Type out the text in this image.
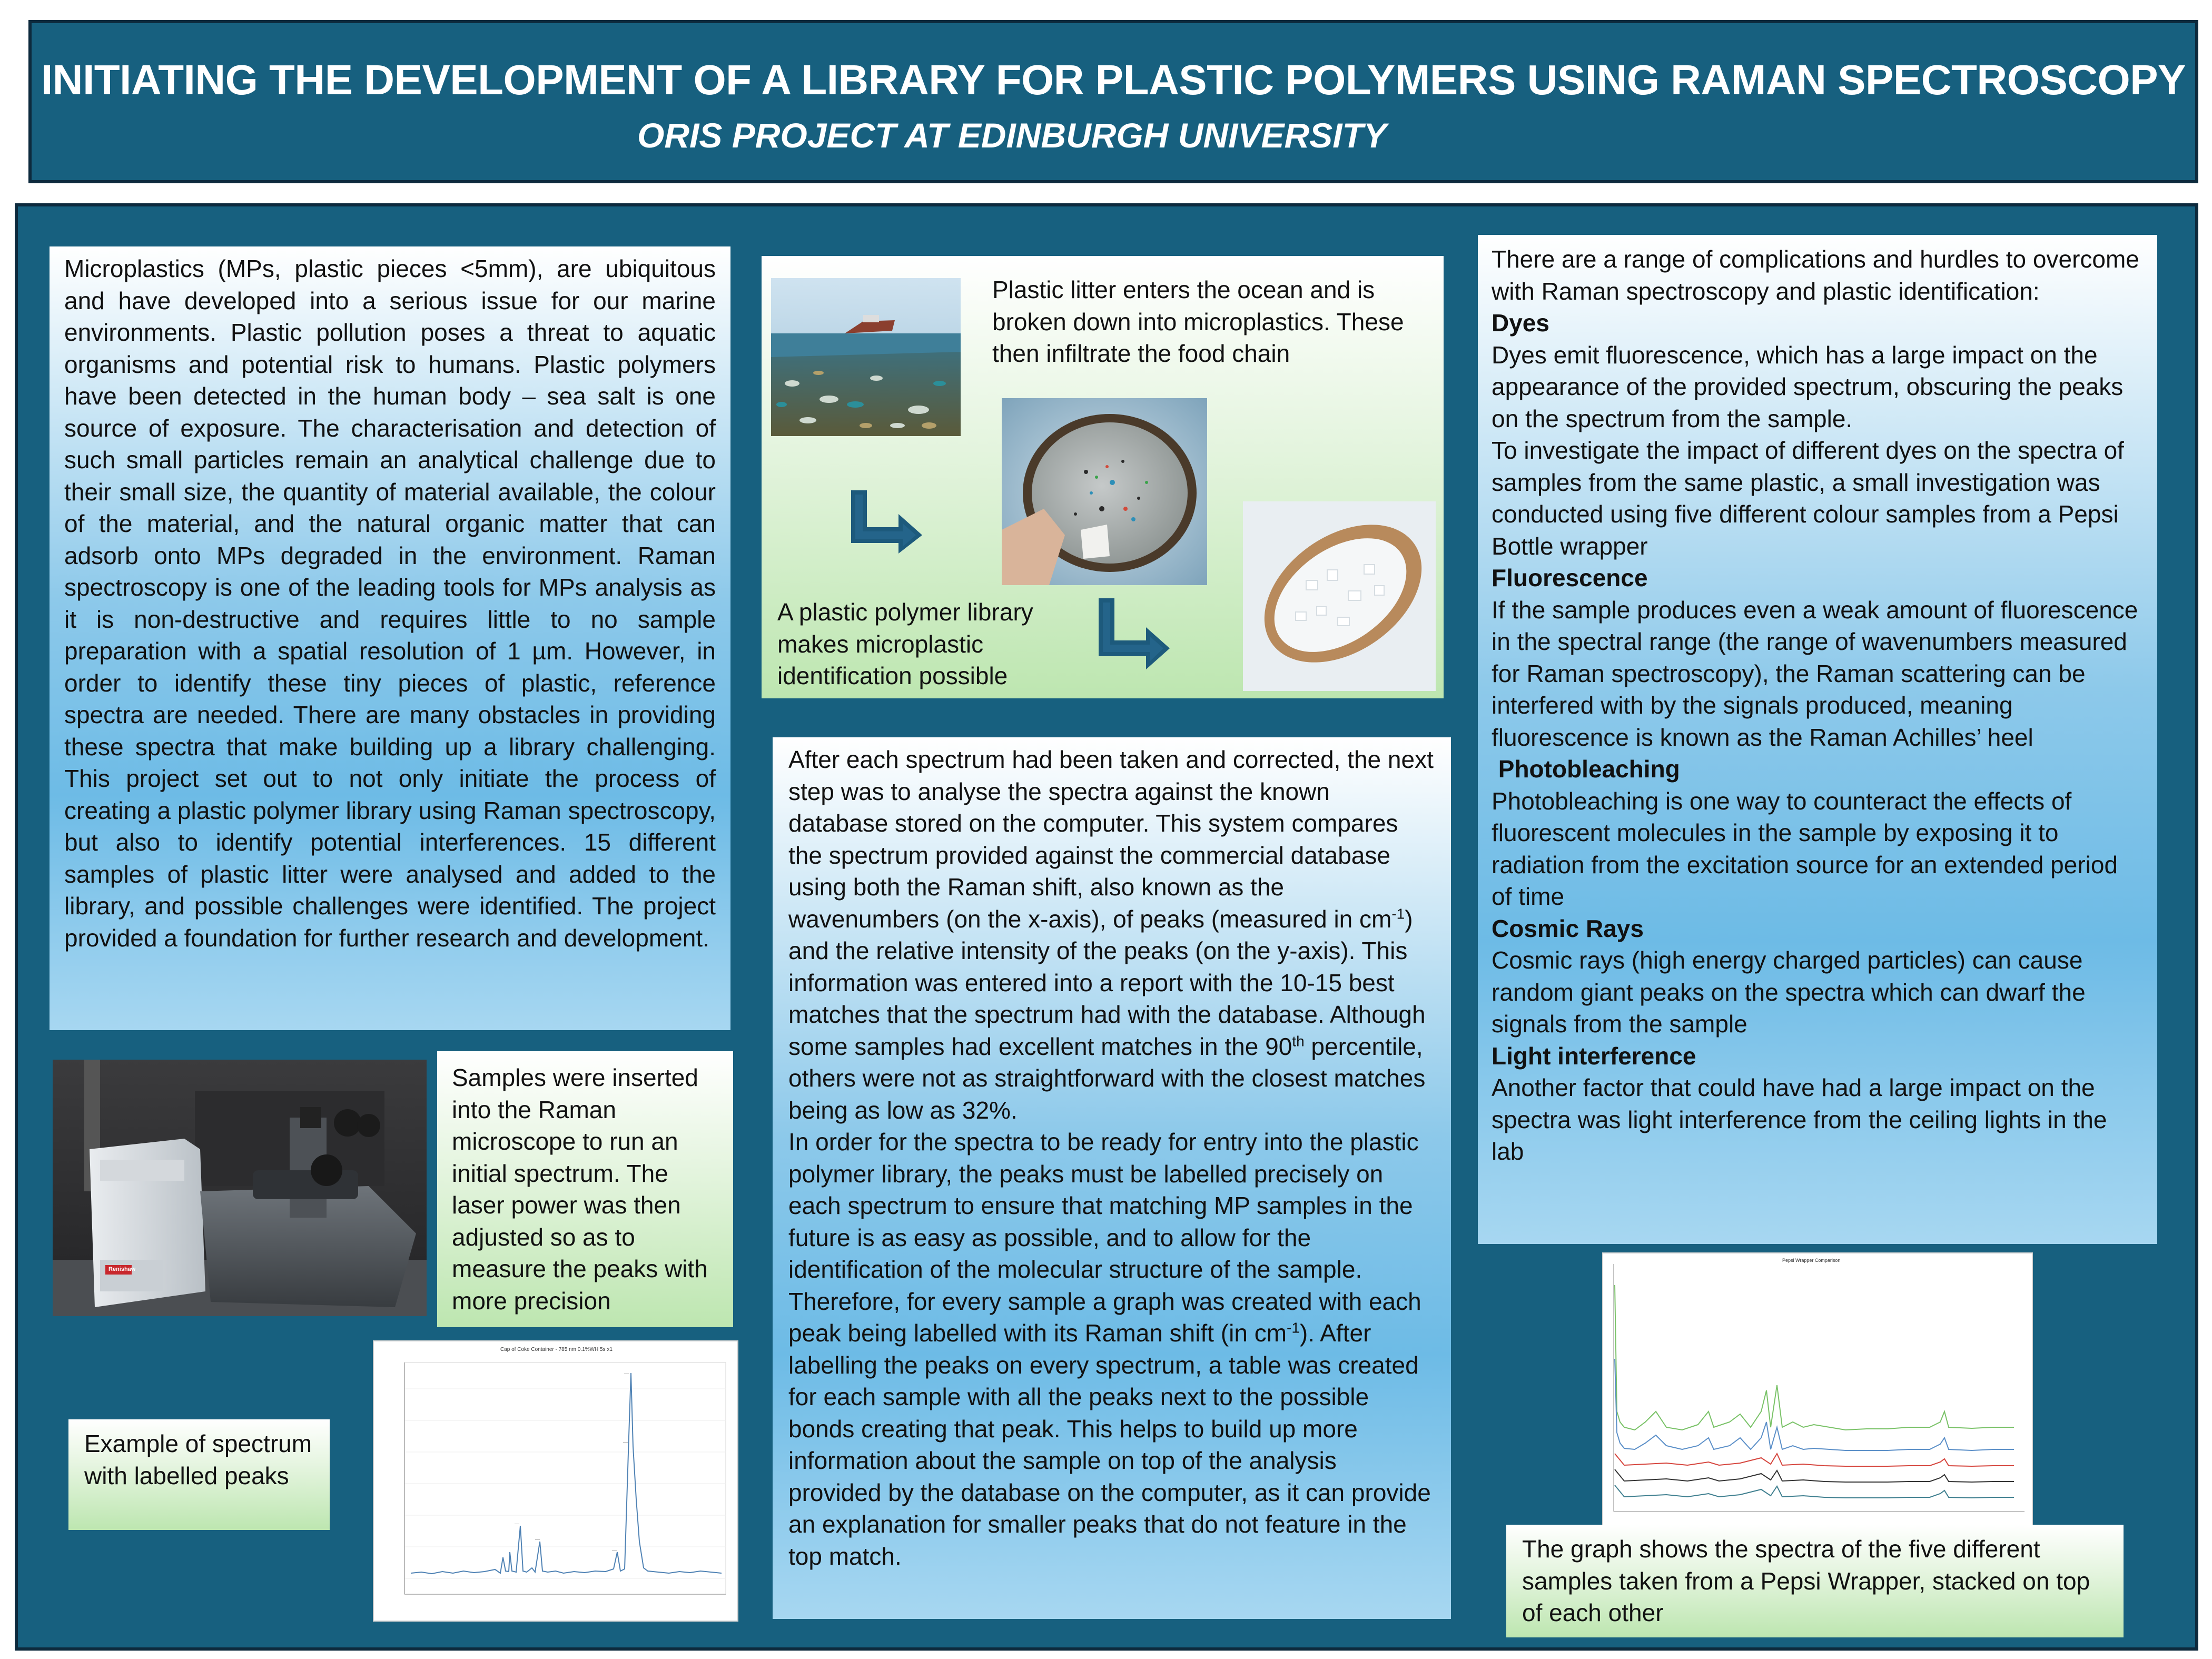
INITIATING THE DEVELOPMENT OF A LIBRARY FOR PLASTIC POLYMERS USING RAMAN SPECTROSCOPY
ORIS PROJECT AT EDINBURGH UNIVERSITY

Microplastics (MPs, plastic pieces <5mm), are ubiquitous and have developed into a serious issue for our marine environments. Plastic pollution poses a threat to aquatic organisms and potential risk to humans. Plastic polymers have been detected in the human body – sea salt is one source of exposure. The characterisation and detection of such small particles remain an analytical challenge due to their small size, the quantity of material available, the colour of the material, and the natural organic matter that can adsorb onto MPs degraded in the environment. Raman spectroscopy is one of the leading tools for MPs analysis as it is non-destructive and requires little to no sample preparation with a spatial resolution of 1 µm. However, in order to identify these tiny pieces of plastic, reference spectra are needed. There are many obstacles in providing these spectra that make building up a library challenging. This project set out to not only initiate the process of creating a plastic polymer library using Raman spectroscopy, but also to identify potential interferences. 15 different samples of plastic litter were analysed and added to the library, and possible challenges were identified. The project provided a foundation for further research and development.

Renishaw

Samples were inserted into the Raman microscope to run an initial spectrum. The laser power was then adjusted so as to measure the peaks with more precision

Example of spectrum with labelled peaks

Cap of Coke Container - 785 nm 0.1%WH 5s x1
__
__
__
__
__

Plastic litter enters the ocean and is broken down into microplastics. These then infiltrate the food chain

A plastic polymer library makes microplastic identification possible

After each spectrum had been taken and corrected, the next step was to analyse the spectra against the known database stored on the computer. This system compares the spectrum provided against the commercial database using both the Raman shift, also known as the wavenumbers (on the x-axis), of peaks (measured in $cm^{-1}$) and the relative intensity of the peaks (on the y-axis). This information was entered into a report with the 10-15 best matches that the spectrum had with the database. Although some samples had excellent matches in the 90th percentile, others were not as straightforward with the closest matches being as low as 32%.

In order for the spectra to be ready for entry into the plastic polymer library, the peaks must be labelled precisely on each spectrum to ensure that matching MP samples in the future is as easy as possible, and to allow for the identification of the molecular structure of the sample. Therefore, for every sample a graph was created with each peak being labelled with its Raman shift (in $cm^{-1}$). After labelling the peaks on every spectrum, a table was created for each sample with all the peaks next to the possible bonds creating that peak. This helps to build up more information about the sample on top of the analysis provided by the database on the computer, as it can provide an explanation for smaller peaks that do not feature in the top match.

There are a range of complications and hurdles to overcome with Raman spectroscopy and plastic identification:

Dyes

Dyes emit fluorescence, which has a large impact on the appearance of the provided spectrum, obscuring the peaks on the spectrum from the sample.

To investigate the impact of different dyes on the spectra of samples from the same plastic, a small investigation was conducted using five different colour samples from a Pepsi Bottle wrapper

Fluorescence

If the sample produces even a weak amount of fluorescence in the spectral range (the range of wavenumbers measured for Raman spectroscopy), the Raman scattering can be interfered with by the signals produced, meaning fluorescence is known as the Raman Achilles’ heel

Photobleaching

Photobleaching is one way to counteract the effects of fluorescent molecules in the sample by exposing it to radiation from the excitation source for an extended period of time

Cosmic Rays

Cosmic rays (high energy charged particles) can cause random giant peaks on the spectra which can dwarf the signals from the sample

Light interference

Another factor that could have had a large impact on the spectra was light interference from the ceiling lights in the lab

Pepsi Wrapper Comparison

The graph shows the spectra of the five different samples taken from a Pepsi Wrapper, stacked on top of each other
